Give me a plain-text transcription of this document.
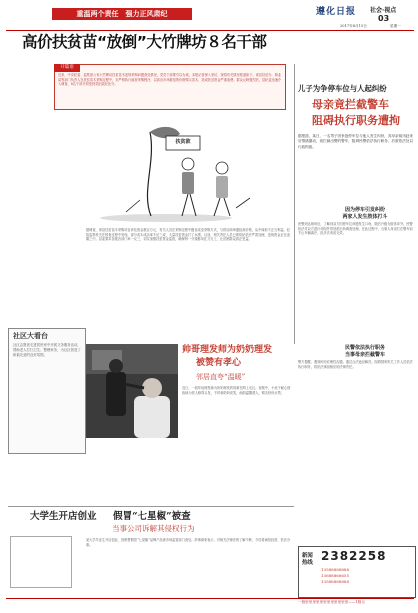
重温两个责任　强力正风肃纪	遵化日报	社会·视点
03
2017年8月15日	星期一
高价扶贫苗“放倒”大竹牌坊８名干部
开篇语
近来，中央纪委、监察部公布大竹牌坊扶贫苗木违规采购问题查处情况，党员干部要引以为戒。本报记者深入采访，现将有关情况报道如下。该县扶贫办、林业局等部门负责人在扶贫苗木采购过程中，未严格执行政府采购程序，以高出市场数倍的价格购买苗木，造成扶贫资金严重浪费。群众反映强烈后，县纪委迅速介入调查，8名干部分别受到党纪政纪处分。
扶贫款
据调查，该县扶贫苗木采购项目涉及资金数百万元，有关人员在采购过程中擅自改变采购方式，与供应商串通抬高价格，从中谋取不正当利益。纪检监察机关在核查过程中发现，部分苗木成活率不足三成，大量扶贫资金打了水漂。目前，相关责任人员已被依纪依法严肃处理，违规资金正在追缴之中。县委要求各级各部门举一反三，切实加强扶贫资金监管，确保每一分钱都用在刀刃上，让贫困群众真正受益。
儿子为争停车位与人起纠纷
母亲竟拦截警车
阻碍执行职务遭拘
据报道，某日，一名男子因争抢停车位与他人发生纠纷，其母亲闻讯赶来后情绪激动，竟拦截出警的警车，阻碍民警依法执行职务，后被依法处以行政拘留。
因为停车引发纠纷
两家人发生肢体打斗
民警到达现场后，了解到双方因停车位问题发生口角，随后升级为肢体冲突。民警依法对双方进行劝阻并带回派出所调查处理。在此过程中，当事人母亲拦在警车前不让车辆离开，经多次劝说无效。
民警依法执行职务
当事母亲拦截警车
警方提醒，遇到纠纷应理性沟通，通过合法途径解决。阻碍国家机关工作人员依法执行职务，将依法承担相应的法律责任。
社区大看台
社区志愿者走进居民家中开展义务服务活动，帮助老人打扫卫生、整理家务，为社区营造了和谐友爱的良好氛围。	帅哥理发师为奶奶理发
被赞有孝心
邻居直夸“温暖”
近日，一段年轻理发师为奶奶理发的视频在网上走红。视频中，小伙子耐心细致地为老人修剪头发，不时和奶奶说笑，画面温馨感人，网友纷纷点赞。
大学生开店创业 假冒“七星椒”被查
当事公司诉解其侵权行为
某大学毕业生开店创业，因销售假冒“七星椒”品牌产品被市场监管部门查处。涉事商家表示，对相关法律法规了解不够，今后将诚信经营，依法办事。
新闻热线 2382258
13588888888
13688866655
13588888888
一版里里里里里里里里里里里里——1版元
